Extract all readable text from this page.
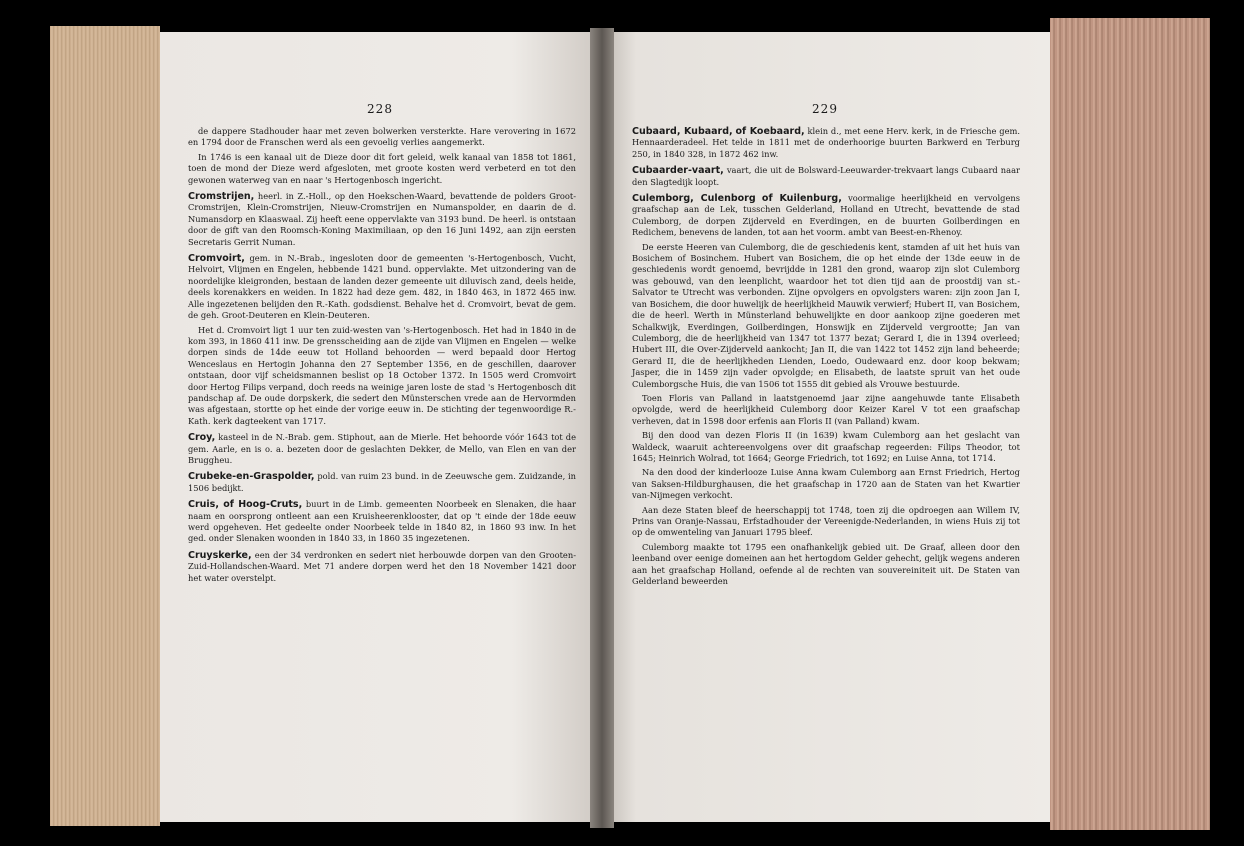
228

de dappere Stadhouder haar met zeven bolwerken versterkte. Hare verovering in 1672 en 1794 door de Franschen werd als een gevoelig verlies aangemerkt.

In 1746 is een kanaal uit de Dieze door dit fort geleid, welk kanaal van 1858 tot 1861, toen de mond der Dieze werd afgesloten, met groote kosten werd verbeterd en tot den gewonen waterweg van en naar 's Hertogenbosch ingericht.

Cromstrijen, heerl. in Z.-Holl., op den Hoekschen-Waard, bevattende de polders Groot-Cromstrijen, Klein-Cromstrijen, Nieuw-Cromstrijen en Numanspolder, en daarin de d. Numansdorp en Klaaswaal. Zij heeft eene oppervlakte van 3193 bund. De heerl. is ontstaan door de gift van den Roomsch-Koning Maximiliaan, op den 16 Juni 1492, aan zijn eersten Secretaris Gerrit Numan.

Cromvoirt, gem. in N.-Brab., ingesloten door de gemeenten 's-Hertogenbosch, Vucht, Helvoirt, Vlijmen en Engelen, hebbende 1421 bund. oppervlakte. Met uitzondering van de noordelijke kleigronden, bestaan de landen dezer gemeente uit diluvisch zand, deels heide, deels korenakkers en weiden. In 1822 had deze gem. 482, in 1840 463, in 1872 465 inw. Alle ingezetenen belijden den R.-Kath. godsdienst. Behalve het d. Cromvoirt, bevat de gem. de geh. Groot-Deuteren en Klein-Deuteren.

Het d. Cromvoirt ligt 1 uur ten zuid-westen van 's-Hertogenbosch. Het had in 1840 in de kom 393, in 1860 411 inw. De grensscheiding aan de zijde van Vlijmen en Engelen — welke dorpen sinds de 14de eeuw tot Holland behoorden — werd bepaald door Hertog Wenceslaus en Hertogin Johanna den 27 September 1356, en de geschillen, daarover ontstaan, door vijf scheidsmannen beslist op 18 October 1372. In 1505 werd Cromvoirt door Hertog Filips verpand, doch reeds na weinige jaren loste de stad 's Hertogenbosch dit pandschap af. De oude dorpskerk, die sedert den Münsterschen vrede aan de Hervormden was afgestaan, stortte op het einde der vorige eeuw in. De stichting der tegenwoordige R.-Kath. kerk dagteekent van 1717.

Croy, kasteel in de N.-Brab. gem. Stiphout, aan de Mierle. Het behoorde vóór 1643 tot de gem. Aarle, en is o. a. bezeten door de geslachten Dekker, de Mello, van Elen en van der Bruggheu.

Crubeke-en-Graspolder, pold. van ruim 23 bund. in de Zeeuwsche gem. Zuidzande, in 1506 bedijkt.

Cruis, of Hoog-Cruts, buurt in de Limb. gemeenten Noorbeek en Slenaken, die haar naam en oorsprong ontleent aan een Kruisheerenklooster, dat op 't einde der 18de eeuw werd opgeheven. Het gedeelte onder Noorbeek telde in 1840 82, in 1860 93 inw. In het ged. onder Slenaken woonden in 1840 33, in 1860 35 ingezetenen.

Cruyskerke, een der 34 verdronken en sedert niet herbouwde dorpen van den Grooten-Zuid-Hollandschen-Waard. Met 71 andere dorpen werd het den 18 November 1421 door het water overstelpt.

229

Cubaard, Kubaard, of Koebaard, klein d., met eene Herv. kerk, in de Friesche gem. Hennaarderadeel. Het telde in 1811 met de onderhoorige buurten Barkwerd en Terburg 250, in 1840 328, in 1872 462 inw.

Cubaarder-vaart, vaart, die uit de Bolsward-Leeuwarder-trekvaart langs Cubaard naar den Slagtedijk loopt.

Culemborg, Culenborg of Kuilenburg, voormalige heerlijkheid en vervolgens graafschap aan de Lek, tusschen Gelderland, Holland en Utrecht, bevattende de stad Culemborg, de dorpen Zijderveld en Everdingen, en de buurten Goilberdingen en Redichem, benevens de landen, tot aan het voorm. ambt van Beest-en-Rhenoy.

De eerste Heeren van Culemborg, die de geschiedenis kent, stamden af uit het huis van Bosichem of Bosinchem. Hubert van Bosichem, die op het einde der 13de eeuw in de geschiedenis wordt genoemd, bevrijdde in 1281 den grond, waarop zijn slot Culemborg was gebouwd, van den leenplicht, waardoor het tot dien tijd aan de proostdij van st.-Salvator te Utrecht was verbonden. Zijne opvolgers en opvolgsters waren: zijn zoon Jan I, van Bosichem, die door huwelijk de heerlijkheid Mauwik verwierf; Hubert II, van Bosichem, die de heerl. Werth in Münsterland behuwelijkte en door aankoop zijne goederen met Schalkwijk, Everdingen, Goilberdingen, Honswijk en Zijderveld vergrootte; Jan van Culemborg, die de heerlijkheid van 1347 tot 1377 bezat; Gerard I, die in 1394 overleed; Hubert III, die Over-Zijderveld aankocht; Jan II, die van 1422 tot 1452 zijn land beheerde; Gerard II, die de heerlijkheden Lienden, Loedo, Oudewaard enz. door koop bekwam; Jasper, die in 1459 zijn vader opvolgde; en Elisabeth, de laatste spruit van het oude Culemborgsche Huis, die van 1506 tot 1555 dit gebied als Vrouwe bestuurde.

Toen Floris van Palland in laatstgenoemd jaar zijne aangehuwde tante Elisabeth opvolgde, werd de heerlijkheid Culemborg door Keizer Karel V tot een graafschap verheven, dat in 1598 door erfenis aan Floris II (van Palland) kwam.

Bij den dood van dezen Floris II (in 1639) kwam Culemborg aan het geslacht van Waldeck, waaruit achtereenvolgens over dit graafschap regeerden: Filips Theodor, tot 1645; Heinrich Wolrad, tot 1664; George Friedrich, tot 1692; en Luise Anna, tot 1714.

Na den dood der kinderlooze Luise Anna kwam Culemborg aan Ernst Friedrich, Hertog van Saksen-Hildburghausen, die het graafschap in 1720 aan de Staten van het Kwartier van-Nijmegen verkocht.

Aan deze Staten bleef de heerschappij tot 1748, toen zij die opdroegen aan Willem IV, Prins van Oranje-Nassau, Erfstadhouder der Vereenigde-Nederlanden, in wiens Huis zij tot op de omwenteling van Januari 1795 bleef.

Culemborg maakte tot 1795 een onafhankelijk gebied uit. De Graaf, alleen door den leenband over eenige domeinen aan het hertogdom Gelder gehecht, gelijk wegens anderen aan het graafschap Holland, oefende al de rechten van souvereiniteit uit. De Staten van Gelderland beweerden
